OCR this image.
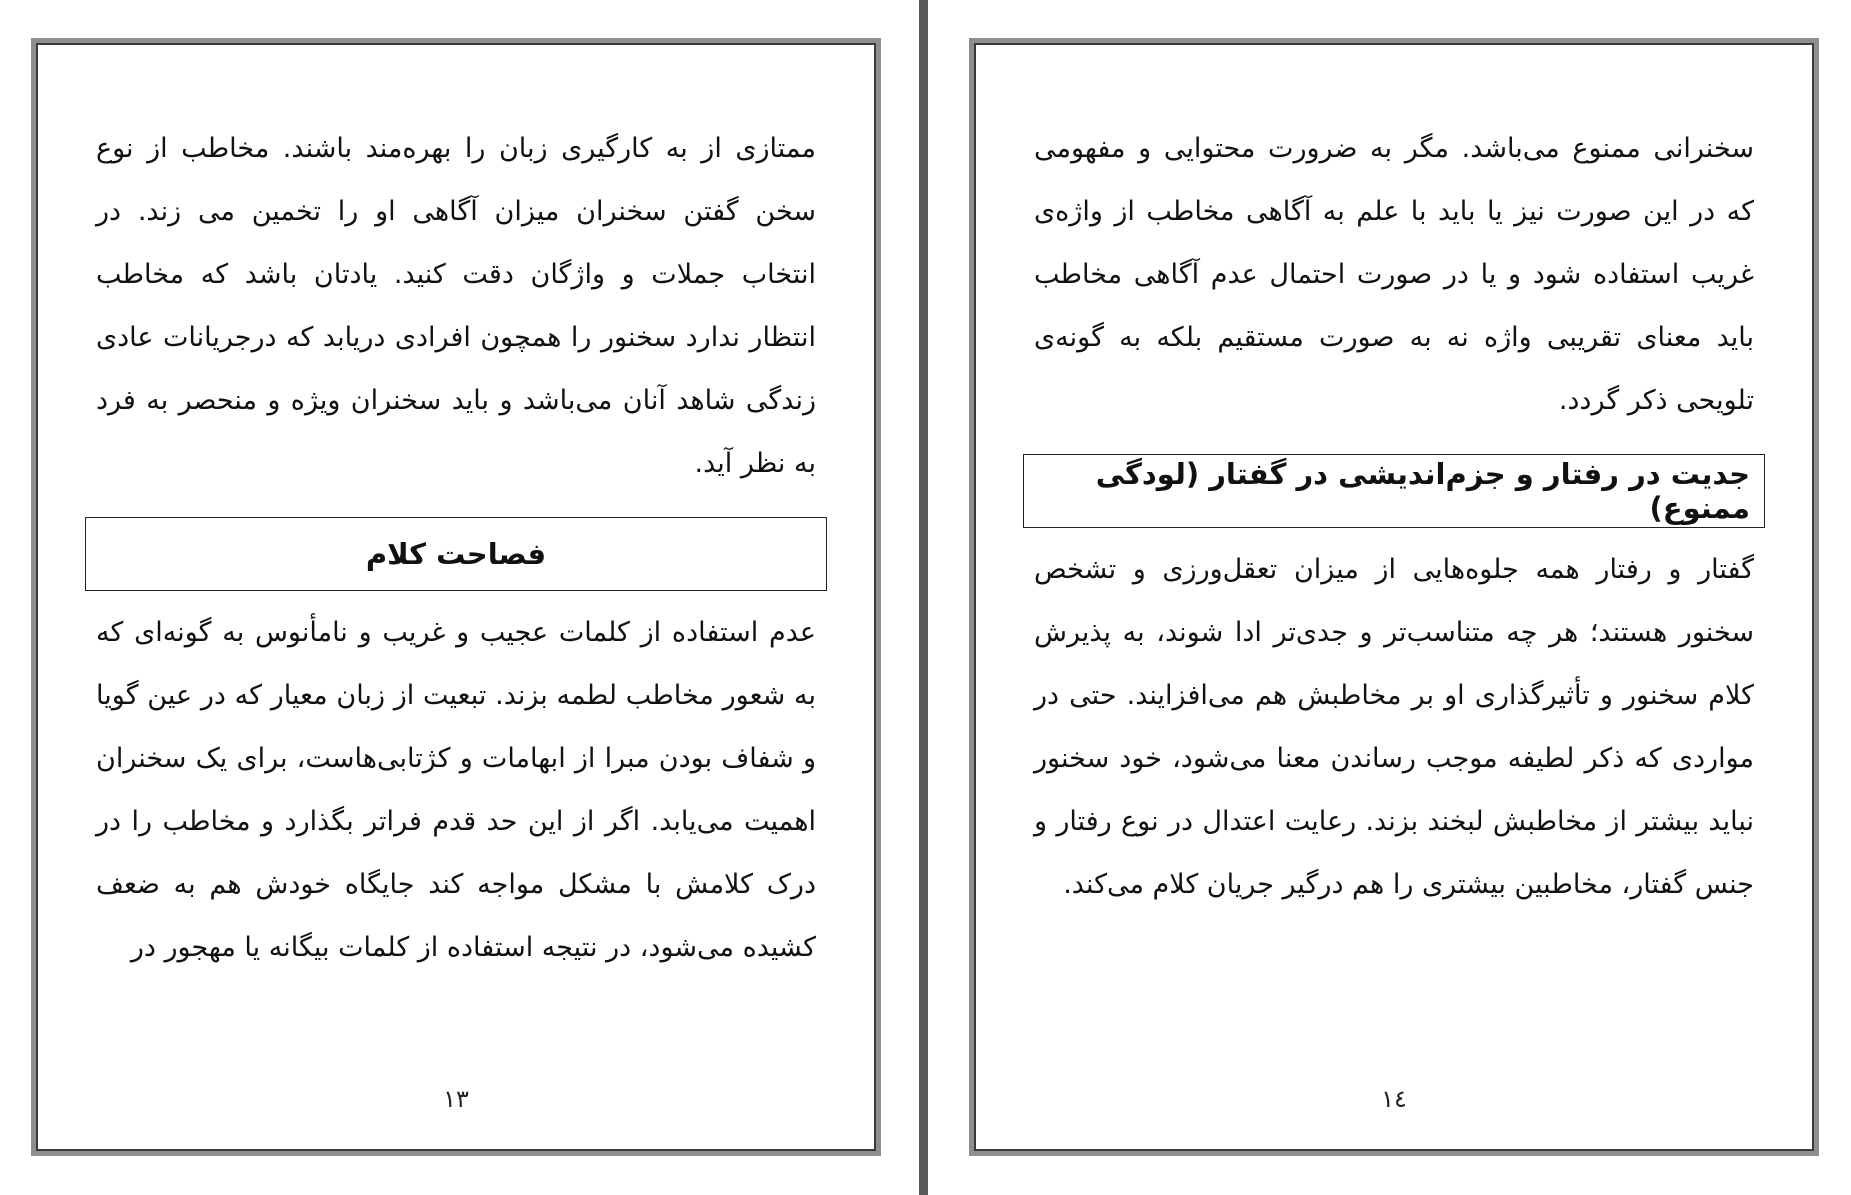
ممتازی از به کارگیری زبان را بهره‌مند باشند. مخاطب از نوع سخن گفتن سخنران میزان آگاهی او را تخمین می زند. در انتخاب جملات و واژگان دقت کنید. یادتان باشد که مخاطب انتظار ندارد سخنور را همچون افرادی دریابد که درجریانات عادی زندگی شاهد آنان می‌باشد و باید سخنران ویژه و منحصر به فرد به نظر آید.

فصاحت کلام

عدم استفاده از کلمات عجیب و غریب و نامأنوس به گونه‌ای که به شعور مخاطب لطمه بزند. تبعیت از زبان معیار که در عین گویا و شفاف بودن مبرا از ابهامات و کژتابی‌هاست، برای یک سخنران اهمیت می‌یابد. اگر از این حد قدم فراتر بگذارد و مخاطب را در درک کلامش با مشکل مواجه کند جایگاه خودش هم به ضعف کشیده می‌شود، در نتیجه استفاده از کلمات بیگانه یا مهجور در

١٣

سخنرانی ممنوع می‌باشد. مگر به ضرورت محتوایی و مفهومی که در این صورت نیز یا باید با علم به آگاهی مخاطب از واژه‌ی غریب استفاده شود و یا در صورت احتمال عدم آگاهی مخاطب باید معنای تقریبی واژه نه به صورت مستقیم بلکه به گونه‌ی تلویحی ذکر گردد.

جدیت در رفتار و جزم‌اندیشی در گفتار (لودگی ممنوع)

گفتار و رفتار همه جلوه‌هایی از میزان تعقل‌ورزی و تشخص سخنور هستند؛ هر چه متناسب‌تر و جدی‌تر ادا شوند، به پذیرش کلام سخنور و تأثیرگذاری او بر مخاطبش هم می‌افزایند. حتی در مواردی که ذکر لطیفه موجب رساندن معنا می‌شود، خود سخنور نباید بیشتر از مخاطبش لبخند بزند. رعایت اعتدال در نوع رفتار و جنس گفتار، مخاطبین بیشتری را هم درگیر جریان کلام می‌کند.

١٤
